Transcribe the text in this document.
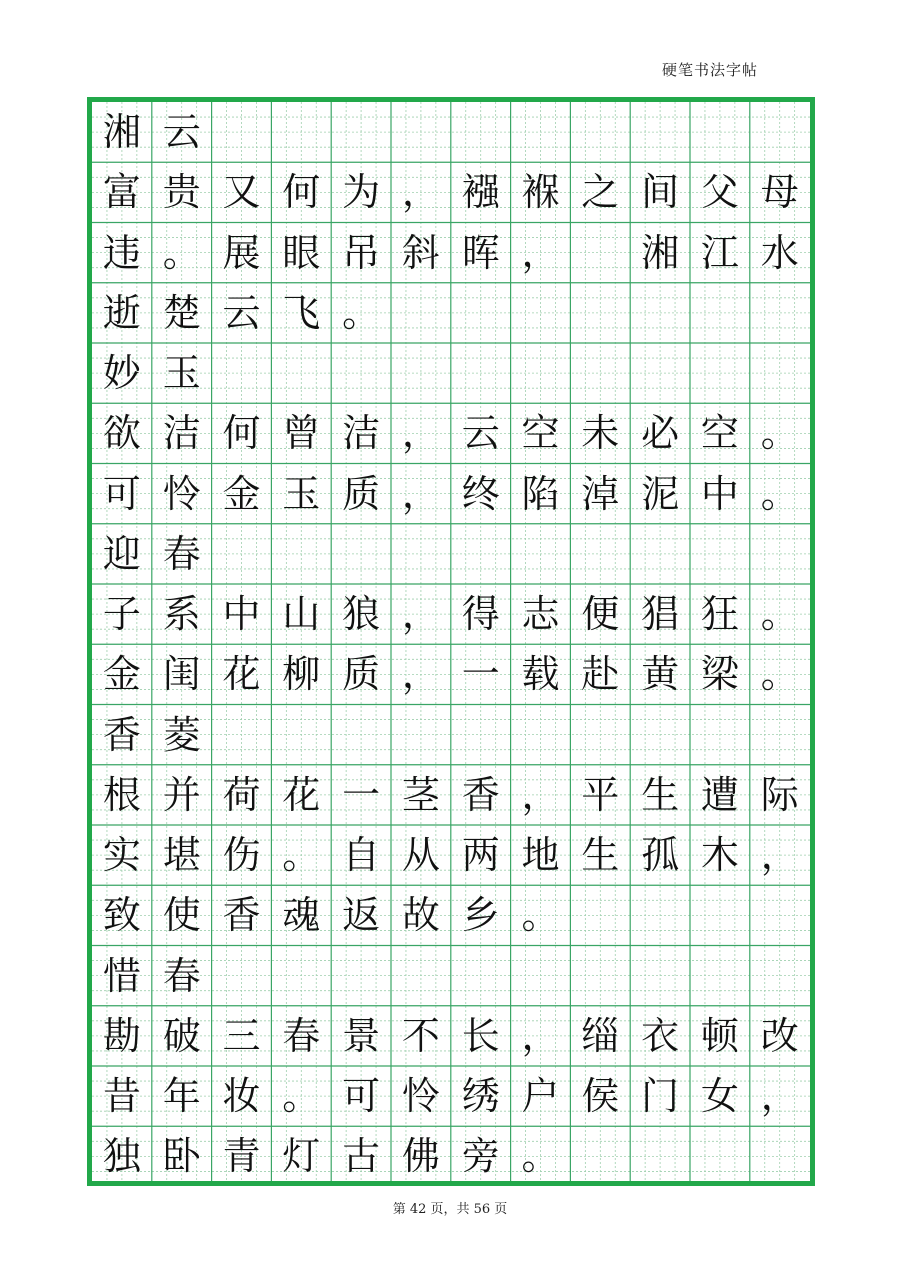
硬笔书法字帖
湘 云
富 贵 又 何 为 ， 襁 褓 之 间 父 母
违 。 展 眼 吊 斜 晖 ， 湘 江 水
逝 楚 云 飞 。
妙 玉
欲 洁 何 曾 洁 ， 云 空 未 必 空 。
可 怜 金 玉 质 ， 终 陷 淖 泥 中 。
迎 春
子 系 中 山 狼 ， 得 志 便 猖 狂 。
金 闺 花 柳 质 ， 一 载 赴 黄 梁 。
香 菱
根 并 荷 花 一 茎 香 ， 平 生 遭 际
实 堪 伤 。 自 从 两 地 生 孤 木 ，
致 使 香 魂 返 故 乡 。
惜 春
勘 破 三 春 景 不 长 ， 缁 衣 顿 改
昔 年 妆 。 可 怜 绣 户 侯 门 女 ，
独 卧 青 灯 古 佛 旁 。
第 42 页，共 56 页
